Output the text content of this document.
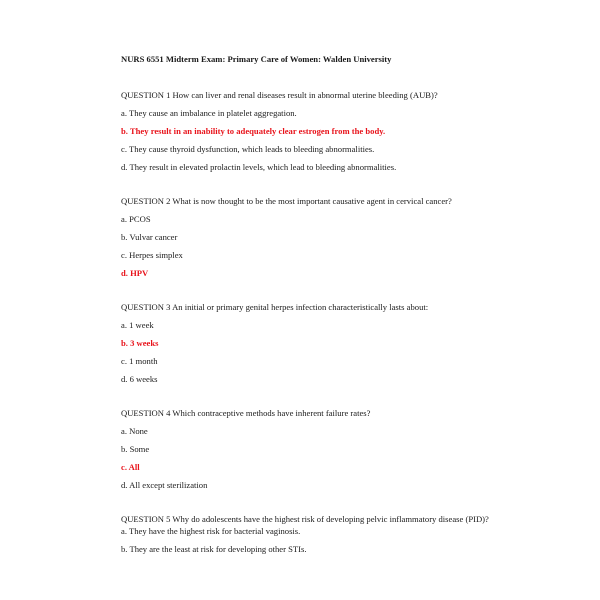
NURS 6551 Midterm Exam: Primary Care of Women: Walden University

QUESTION 1 How can liver and renal diseases result in abnormal uterine bleeding (AUB)?

a. They cause an imbalance in platelet aggregation.

b. They result in an inability to adequately clear estrogen from the body.

c. They cause thyroid dysfunction, which leads to bleeding abnormalities.

d. They result in elevated prolactin levels, which lead to bleeding abnormalities.

QUESTION 2 What is now thought to be the most important causative agent in cervical cancer?

a. PCOS

b. Vulvar cancer

c. Herpes simplex

d. HPV

QUESTION 3 An initial or primary genital herpes infection characteristically lasts about:

a. 1 week

b. 3 weeks

c. 1 month

d. 6 weeks

QUESTION 4 Which contraceptive methods have inherent failure rates?

a. None

b. Some

c. All

d. All except sterilization

QUESTION 5 Why do adolescents have the highest risk of developing pelvic inflammatory disease (PID)? a. They have the highest risk for bacterial vaginosis.

b. They are the least at risk for developing other STIs.
